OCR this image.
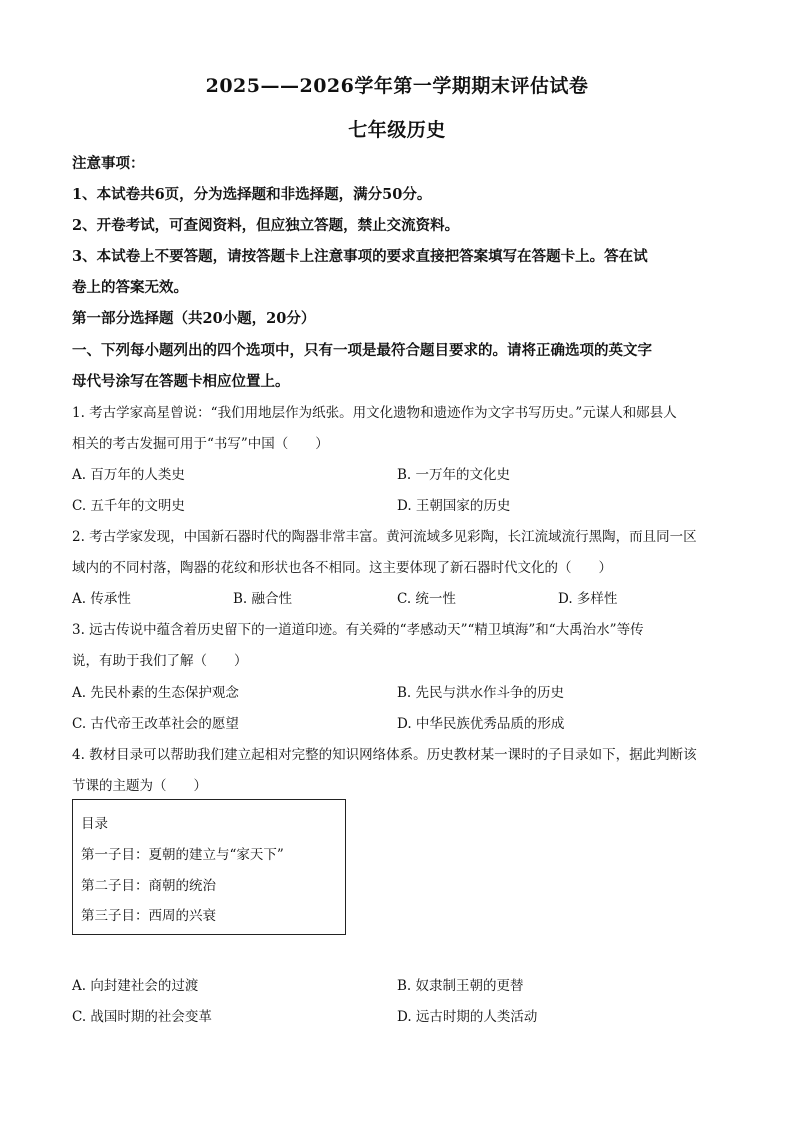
2025——2026学年第一学期期末评估试卷
七年级历史
注意事项：
1、本试卷共6页，分为选择题和非选择题，满分50分。
2、开卷考试，可查阅资料，但应独立答题，禁止交流资料。
3、本试卷上不要答题，请按答题卡上注意事项的要求直接把答案填写在答题卡上。答在试
卷上的答案无效。
第一部分选择题（共20小题，20分）
一、下列每小题列出的四个选项中，只有一项是最符合题目要求的。请将正确选项的英文字
母代号涂写在答题卡相应位置上。
1. 考古学家高星曾说：“我们用地层作为纸张。用文化遗物和遗迹作为文字书写历史。”元谋人和郧县人
相关的考古发掘可用于“书写”中国（　　）
A. 百万年的人类史	B. 一万年的文化史
C. 五千年的文明史	D. 王朝国家的历史
2. 考古学家发现，中国新石器时代的陶器非常丰富。黄河流域多见彩陶，长江流域流行黑陶，而且同一区
域内的不同村落，陶器的花纹和形状也各不相同。这主要体现了新石器时代文化的（　　）
A. 传承性	B. 融合性	C. 统一性	D. 多样性
3. 远古传说中蕴含着历史留下的一道道印迹。有关舜的“孝感动天”“精卫填海”和“大禹治水”等传
说，有助于我们了解（　　）
A. 先民朴素的生态保护观念	B. 先民与洪水作斗争的历史
C. 古代帝王改革社会的愿望	D. 中华民族优秀品质的形成
4. 教材目录可以帮助我们建立起相对完整的知识网络体系。历史教材某一课时的子目录如下，据此判断该
节课的主题为（　　）
目录
第一子目：夏朝的建立与“家天下”
第二子目：商朝的统治
第三子目：西周的兴衰
A. 向封建社会的过渡	B. 奴隶制王朝的更替
C. 战国时期的社会变革	D. 远古时期的人类活动
